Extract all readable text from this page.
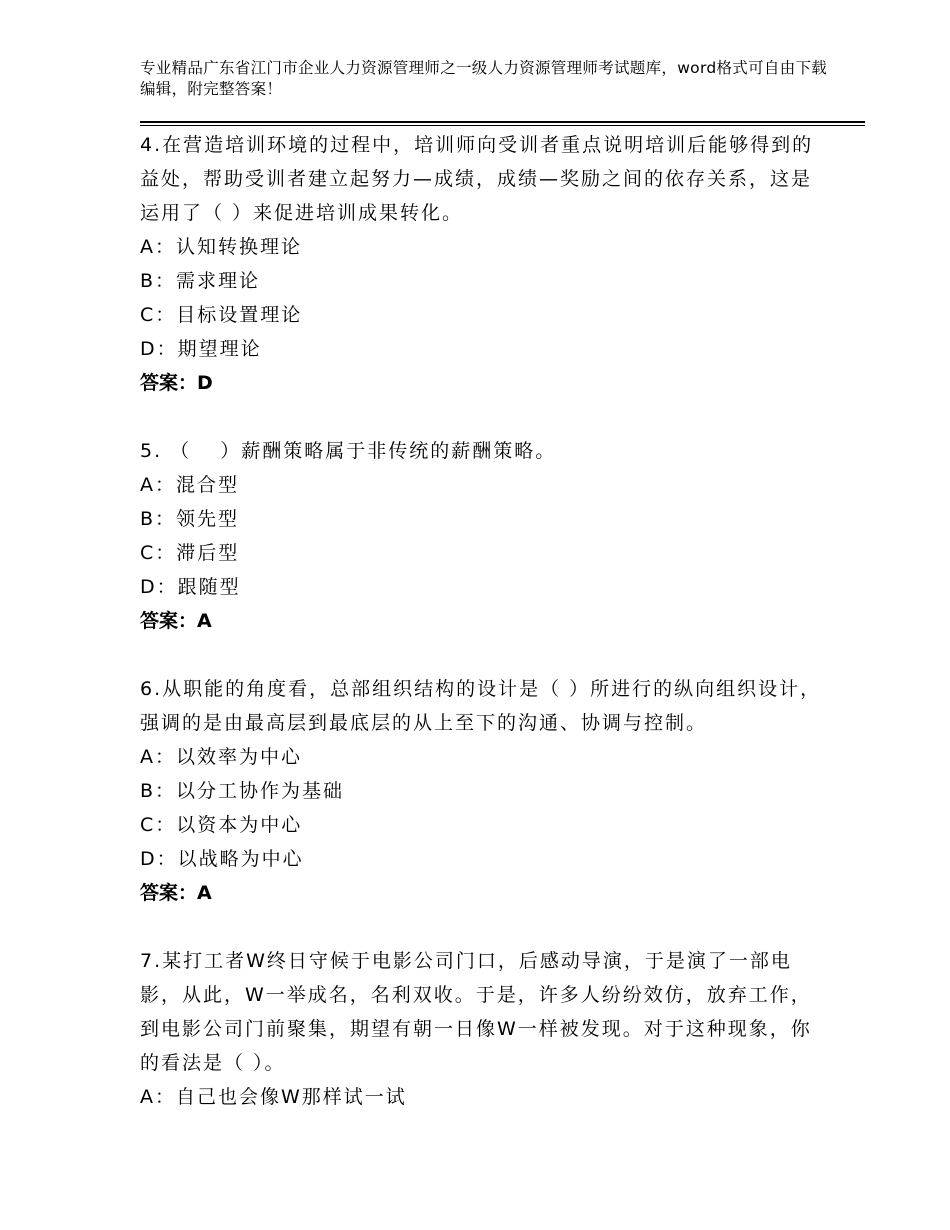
专业精品广东省江门市企业人力资源管理师之一级人力资源管理师考试题库，word格式可自由下载编辑，附完整答案！

4.在营造培训环境的过程中，培训师向受训者重点说明培训后能够得到的益处，帮助受训者建立起努力—成绩，成绩—奖励之间的依存关系，这是运用了（ ）来促进培训成果转化。

A：认知转换理论

B：需求理论

C：目标设置理论

D：期望理论

答案：D

5. （　 ）薪酬策略属于非传统的薪酬策略。

A：混合型

B：领先型

C：滞后型

D：跟随型

答案：A

6.从职能的角度看，总部组织结构的设计是（ ）所进行的纵向组织设计，强调的是由最高层到最底层的从上至下的沟通、协调与控制。

A：以效率为中心

B：以分工协作为基础

C：以资本为中心

D：以战略为中心

答案：A

7.某打工者W终日守候于电影公司门口，后感动导演，于是演了一部电影，从此，W一举成名，名利双收。于是，许多人纷纷效仿，放弃工作，到电影公司门前聚集，期望有朝一日像W一样被发现。对于这种现象，你的看法是（ ）。

A：自己也会像W那样试一试
